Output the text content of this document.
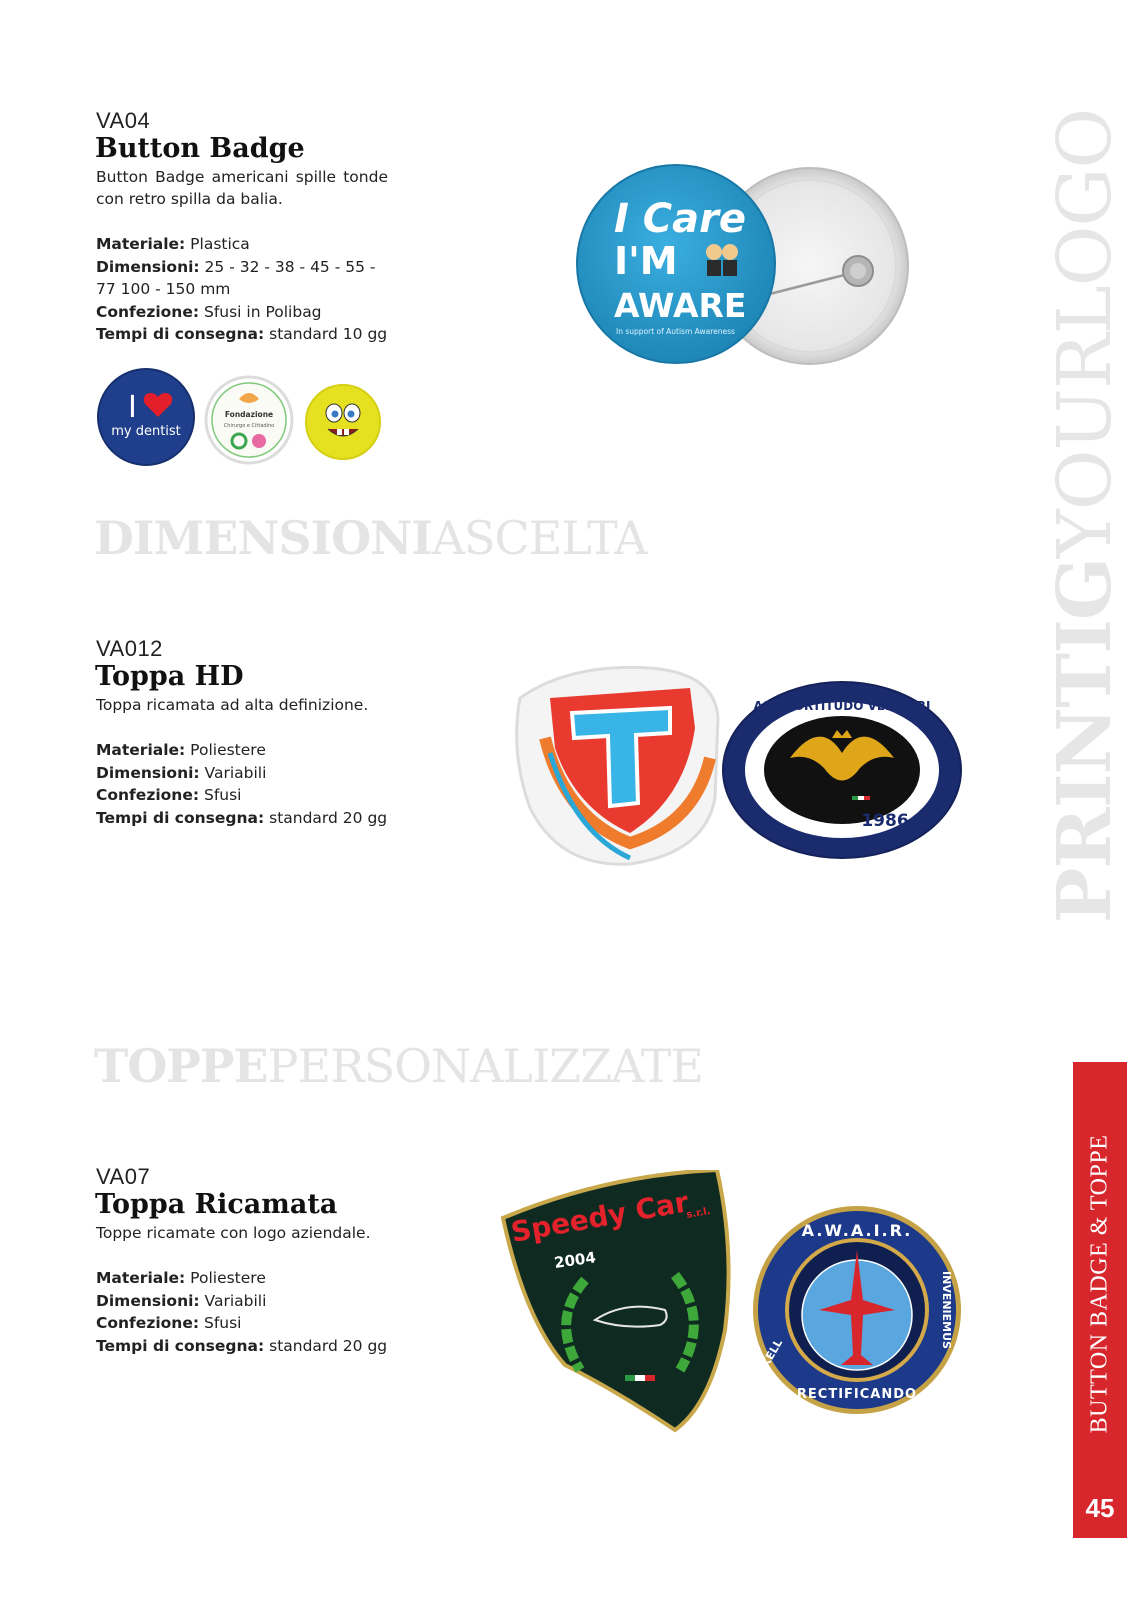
PRINTIGYOURLOGO
BUTTON BADGE & TOPPE
45
VA04
Button Badge
Button Badge americani spille tonde con retro spilla da balia.
Materiale: Plastica
Dimensioni: 25 - 32 - 38 - 45 - 55 - 77 100 - 150 mm
Confezione: Sfusi in Polibag
Tempi di consegna: standard 10 gg
I
my dentist
Fondazione
Chirurgo e Cittadino
I Care
I'M
AWARE
In support of Autism Awareness
DIMENSIONIASCELTA
VA012
Toppa HD
Toppa ricamata ad alta definizione.
Materiale: Poliestere
Dimensioni: Variabili
Confezione: Sfusi
Tempi di consegna: standard 20 gg
ASD FORTITUDO VELLETRI
1986
TOPPEPERSONALIZZATE
VA07
Toppa Ricamata
Toppe ricamate con logo aziendale.
Materiale: Poliestere
Dimensioni: Variabili
Confezione: Sfusi
Tempi di consegna: standard 20 gg
Speedy Car
s.r.l.
2004
A.W.A.I.R.
RECTIFICANDO
INVENIEMUS
KELL
